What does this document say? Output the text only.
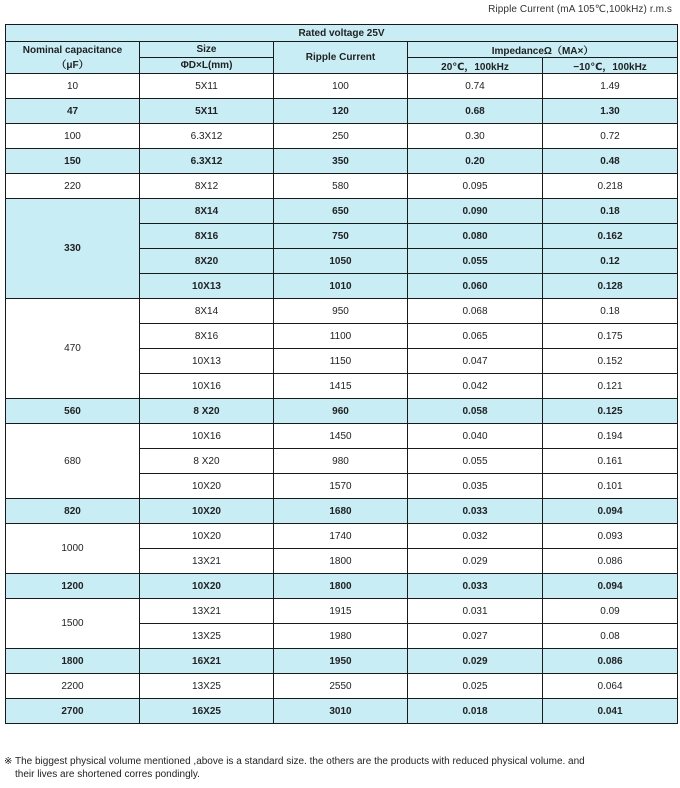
Ripple Current (mA 105℃,100kHz) r.m.s
Rated voltage 25V				

Nominal capacitance
（μF）	Size	Ripple Current	ImpedanceΩ（MA×）	
	ΦD×L(mm)		20℃，100kHz	−10℃，100kHz
10	5X11	100	0.74	1.49
47	5X11	120	0.68	1.30
100	6.3X12	250	0.30	0.72
150	6.3X12	350	0.20	0.48
220	8X12	580	0.095	0.218
330	8X14	650	0.090	0.18
	8X16	750	0.080	0.162
	8X20	1050	0.055	0.12
	10X13	1010	0.060	0.128
470	8X14	950	0.068	0.18
	8X16	1100	0.065	0.175
	10X13	1150	0.047	0.152
	10X16	1415	0.042	0.121
560	8 X20	960	0.058	0.125
680	10X16	1450	0.040	0.194
	8 X20	980	0.055	0.161
	10X20	1570	0.035	0.101
820	10X20	1680	0.033	0.094
1000	10X20	1740	0.032	0.093
	13X21	1800	0.029	0.086
1200	10X20	1800	0.033	0.094
1500	13X21	1915	0.031	0.09
	13X25	1980	0.027	0.08
1800	16X21	1950	0.029	0.086
2200	13X25	2550	0.025	0.064
2700	16X25	3010	0.018	0.041
※ The biggest physical volume mentioned ,above is a standard size. the others are the products with reduced physical volume. and
their lives are shortened corres pondingly.
